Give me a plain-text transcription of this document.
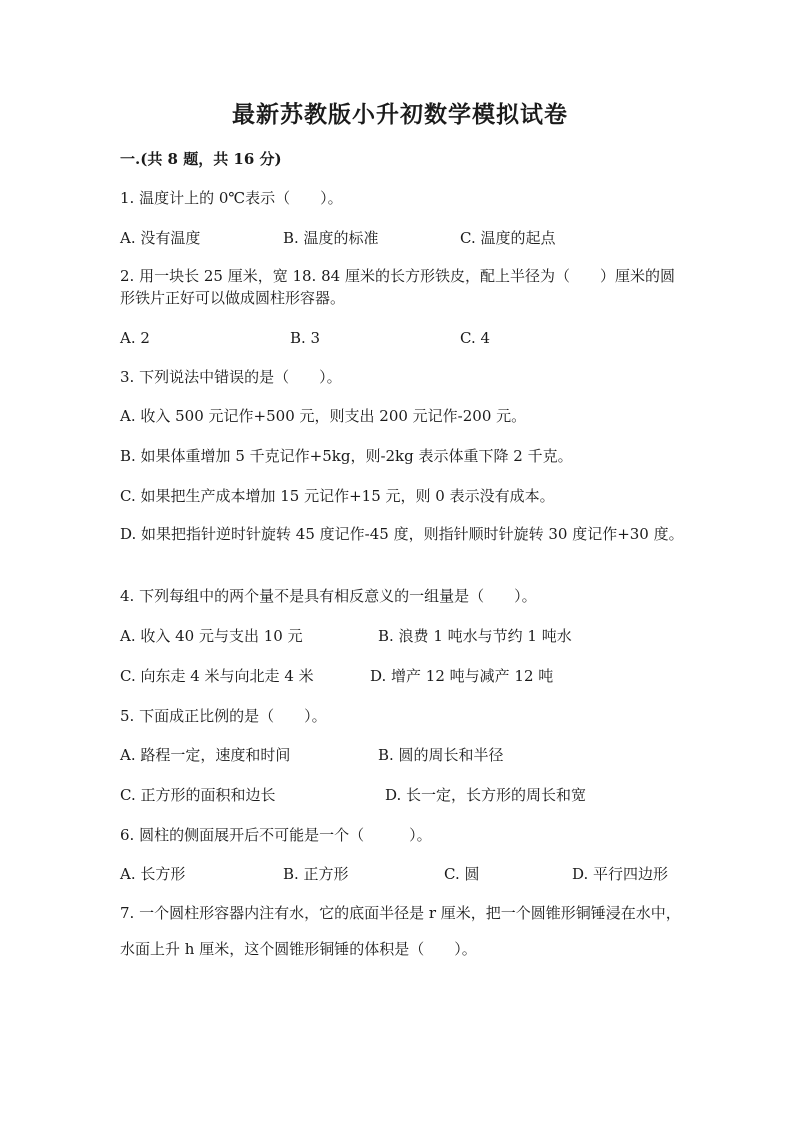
最新苏教版小升初数学模拟试卷
一.(共 8 题，共 16 分)
1. 温度计上的 0℃表示（　　）。
A. 没有温度	B. 温度的标准	C. 温度的起点
2. 用一块长 25 厘米，宽 18. 84 厘米的长方形铁皮，配上半径为（　　）厘米的圆形铁片正好可以做成圆柱形容器。
A. 2	B. 3	C. 4
3. 下列说法中错误的是（　　）。
A. 收入 500 元记作+500 元，则支出 200 元记作-200 元。
B. 如果体重增加 5 千克记作+5kg，则-2kg 表示体重下降 2 千克。
C. 如果把生产成本增加 15 元记作+15 元，则 0 表示没有成本。
D. 如果把指针逆时针旋转 45 度记作-45 度，则指针顺时针旋转 30 度记作+30 度。
4. 下列每组中的两个量不是具有相反意义的一组量是（　　）。
A. 收入 40 元与支出 10 元	B. 浪费 1 吨水与节约 1 吨水
C. 向东走 4 米与向北走 4 米	D. 增产 12 吨与减产 12 吨
5. 下面成正比例的是（　　）。
A. 路程一定，速度和时间	B. 圆的周长和半径
C. 正方形的面积和边长	D. 长一定，长方形的周长和宽
6. 圆柱的侧面展开后不可能是一个（　　　）。
A. 长方形	B. 正方形	C. 圆	D. 平行四边形
7. 一个圆柱形容器内注有水，它的底面半径是 r 厘米，把一个圆锥形铜锤浸在水中，水面上升 h 厘米，这个圆锥形铜锤的体积是（　　）。
